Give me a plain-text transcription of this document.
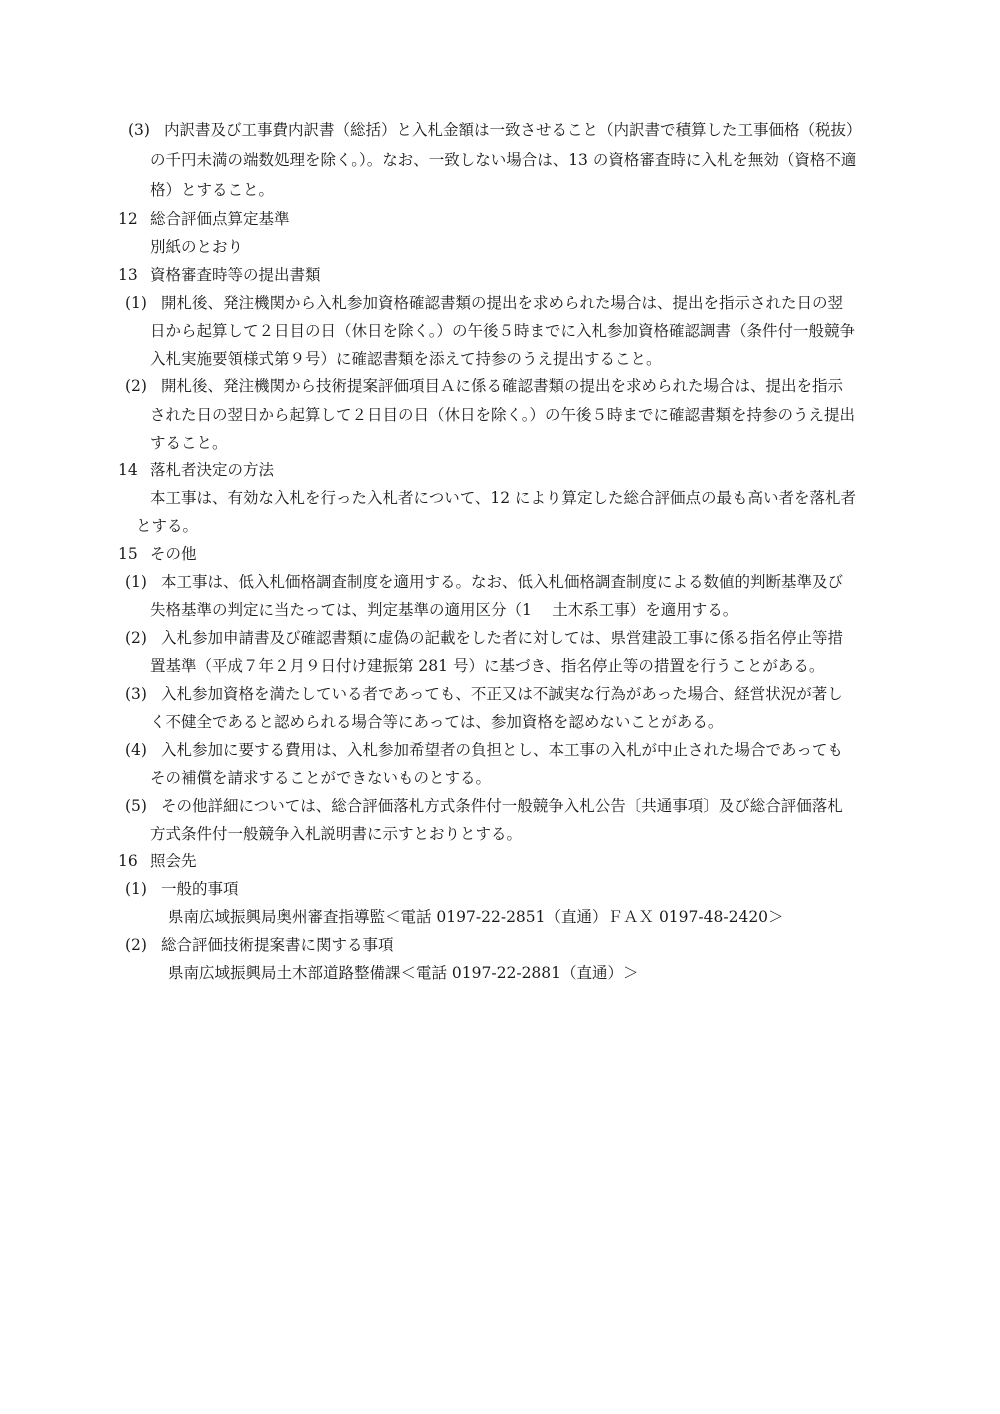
(3) 内訳書及び工事費内訳書（総括）と入札金額は一致させること（内訳書で積算した工事価格（税抜）
の千円未満の端数処理を除く。）。なお、一致しない場合は、13 の資格審査時に入札を無効（資格不適
格）とすること。
12 総合評価点算定基準
別紙のとおり
13 資格審査時等の提出書類
(1) 開札後、発注機関から入札参加資格確認書類の提出を求められた場合は、提出を指示された日の翌
日から起算して２日目の日（休日を除く。）の午後５時までに入札参加資格確認調書（条件付一般競争
入札実施要領様式第９号）に確認書類を添えて持参のうえ提出すること。
(2) 開札後、発注機関から技術提案評価項目Ａに係る確認書類の提出を求められた場合は、提出を指示
された日の翌日から起算して２日目の日（休日を除く。）の午後５時までに確認書類を持参のうえ提出
すること。
14 落札者決定の方法
本工事は、有効な入札を行った入札者について、12 により算定した総合評価点の最も高い者を落札者
とする。
15 その他
(1) 本工事は、低入札価格調査制度を適用する。なお、低入札価格調査制度による数値的判断基準及び
失格基準の判定に当たっては、判定基準の適用区分（1　 土木系工事）を適用する。
(2) 入札参加申請書及び確認書類に虚偽の記載をした者に対しては、県営建設工事に係る指名停止等措
置基準（平成７年２月９日付け建振第 281 号）に基づき、指名停止等の措置を行うことがある。
(3) 入札参加資格を満たしている者であっても、不正又は不誠実な行為があった場合、経営状況が著し
く不健全であると認められる場合等にあっては、参加資格を認めないことがある。
(4) 入札参加に要する費用は、入札参加希望者の負担とし、本工事の入札が中止された場合であっても
その補償を請求することができないものとする。
(5) その他詳細については、総合評価落札方式条件付一般競争入札公告〔共通事項〕及び総合評価落札
方式条件付一般競争入札説明書に示すとおりとする。
16 照会先
(1) 一般的事項
県南広域振興局奥州審査指導監＜電話 0197-22-2851（直通）ＦＡＸ 0197-48-2420＞
(2) 総合評価技術提案書に関する事項
県南広域振興局土木部道路整備課＜電話 0197-22-2881（直通）＞
